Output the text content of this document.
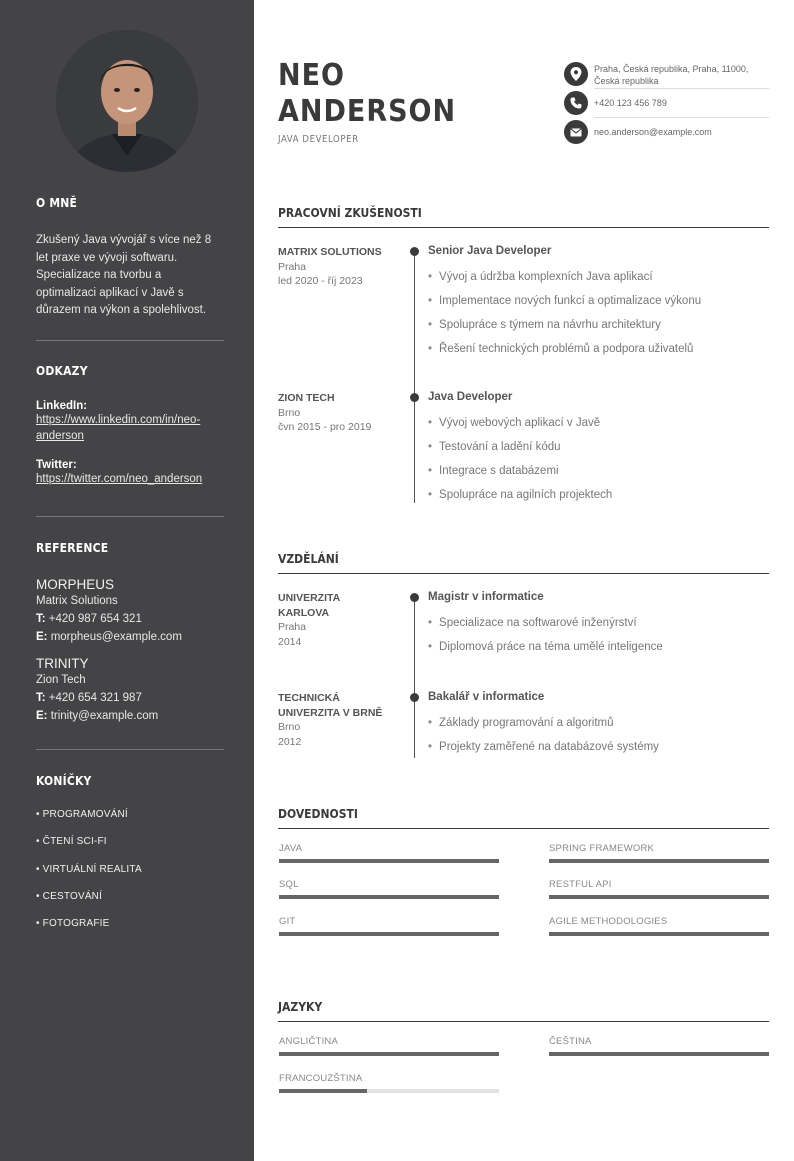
O MNĚ
Zkušený Java vývojář s více než 8 let praxe ve vývoji softwaru. Specializace na tvorbu a optimalizaci aplikací v Javě s důrazem na výkon a spolehlivost.
ODKAZY
LinkedIn:
https://www.linkedin.com/in/neo-anderson
Twitter:
https://twitter.com/neo_anderson
REFERENCE
MORPHEUS
Matrix Solutions
T: +420 987 654 321
E: morpheus@example.com
TRINITY
Zion Tech
T: +420 654 321 987
E: trinity@example.com
KONÍČKY
• PROGRAMOVÁNÍ
• ČTENÍ SCI-FI
• VIRTUÁLNÍ REALITA
• CESTOVÁNÍ
• FOTOGRAFIE
NEO
ANDERSON
JAVA DEVELOPER
Praha, Česká republika, Praha, 11000, Česká republika
+420 123 456 789
neo.anderson@example.com
PRACOVNÍ ZKUŠENOSTI
MATRIX SOLUTIONS
Praha
led 2020 - říj 2023
Senior Java Developer
• Vývoj a údržba komplexních Java aplikací
• Implementace nových funkcí a optimalizace výkonu
• Spolupráce s týmem na návrhu architektury
• Řešení technických problémů a podpora uživatelů
ZION TECH
Brno
čvn 2015 - pro 2019
Java Developer
• Vývoj webových aplikací v Javě
• Testování a ladění kódu
• Integrace s databázemi
• Spolupráce na agilních projektech
VZDĚLÁNÍ
UNIVERZITA
KARLOVA
Praha
2014
Magistr v informatice
• Specializace na softwarové inženýrství
• Diplomová práce na téma umělé inteligence
TECHNICKÁ
UNIVERZITA V BRNĚ
Brno
2012
Bakalář v informatice
• Základy programování a algoritmů
• Projekty zaměřené na databázové systémy
DOVEDNOSTI
JAVA	SPRING FRAMEWORK
SQL	RESTFUL API
GIT	AGILE METHODOLOGIES
JAZYKY
ANGLIČTINA	ČEŠTINA
FRANCOUZŠTINA
